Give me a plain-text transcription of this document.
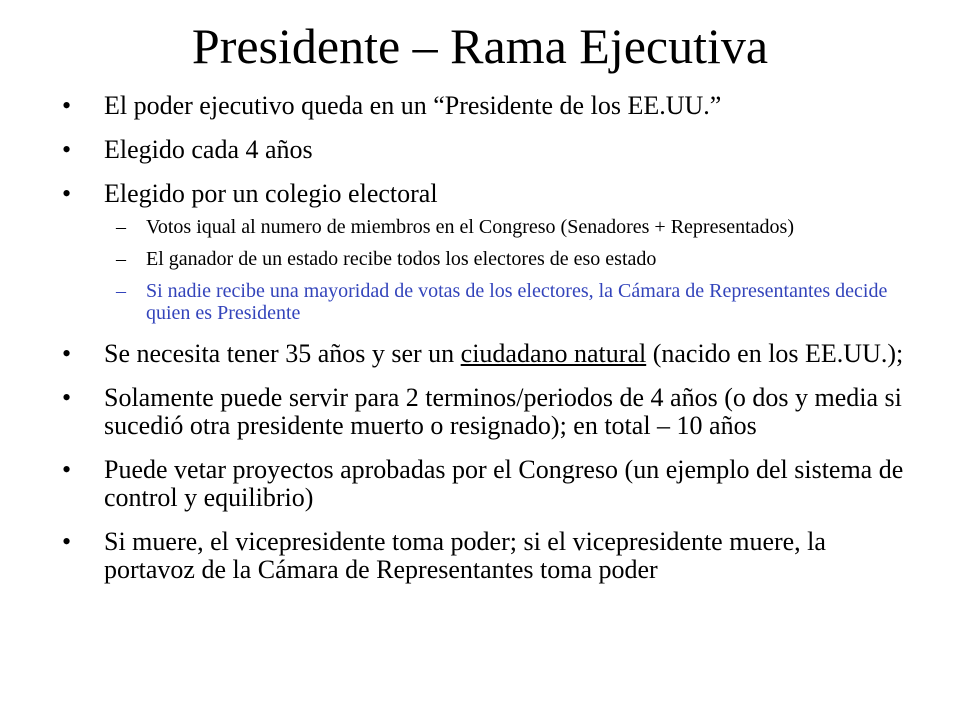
Presidente – Rama Ejecutiva
•	El poder ejecutivo queda en un “Presidente de los EE.UU.”
•	Elegido cada 4 años
•	Elegido por un colegio electoral
– Votos iqual al numero de miembros en el Congreso (Senadores + Representados)
– El ganador de un estado recibe todos los electores de eso estado
– Si nadie recibe una mayoridad de votas de los electores, la Cámara de Representantes decide quien es Presidente
•	Se necesita tener 35 años y ser un ciudadano natural (nacido en los EE.UU.);
•	Solamente puede servir para 2 terminos/periodos de 4 años (o dos y media si sucedió otra presidente muerto o resignado); en total – 10 años
•	Puede vetar proyectos aprobadas por el Congreso (un ejemplo del sistema de control y equilibrio)
•	Si muere, el vicepresidente toma poder; si el vicepresidente muere, la portavoz de la Cámara de Representantes toma poder
